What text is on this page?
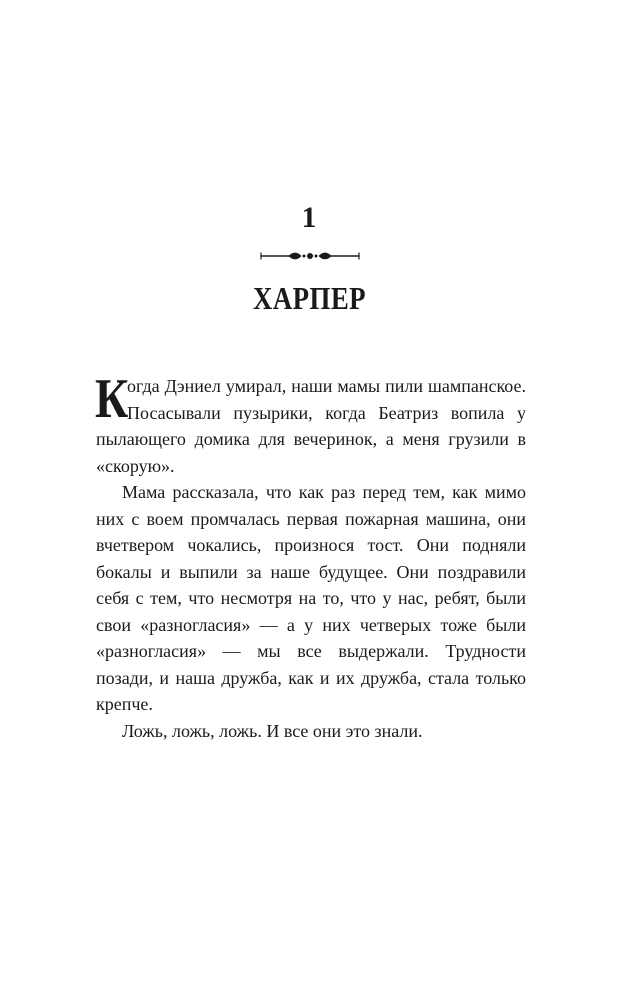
1
ХАРПЕР

К
огда Дэниел умирал, наши мамы пили шампанское. Посасывали пузырики, когда Беатриз вопила у пылающего домика для вечеринок, а меня грузили в «скорую».

Мама рассказала, что как раз перед тем, как мимо них с воем промчалась первая пожарная машина, они вчетвером чокались, произнося тост. Они подняли бокалы и выпили за наше будущее. Они поздравили себя с тем, что несмотря на то, что у нас, ребят, были свои «разногласия» — а у них четверых тоже были «разногласия» — мы все выдержали. Трудности позади, и наша дружба, как и их дружба, стала только крепче.

Ложь, ложь, ложь. И все они это знали.
